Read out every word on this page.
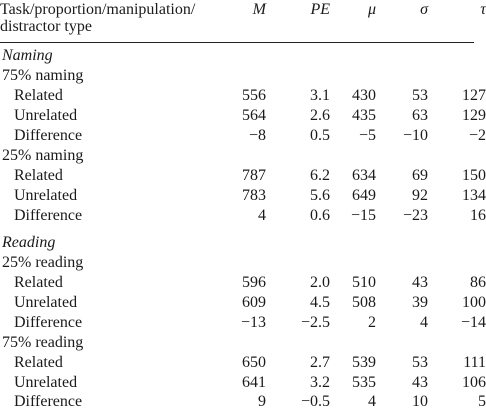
Task/proportion/manipulation/	M	PE μ	σ	τ
distractor type
Naming
75% naming
Related	556	3.1 430 53 127
Unrelated	564	2.6 435 63 129
Difference	−8	0.5 −5 −10	−2
25% naming
Related	787	6.2 634 69 150
Unrelated	783	5.6 649 92 134
Difference	4	0.6 −15 −23	16
Reading
25% reading
Related	596	2.0 510 43	86
Unrelated	609	4.5 508 39 100
Difference	−13 −2.5 2	4 −14
75% reading
Related	650	2.7 539 53 111
Unrelated	641	3.2 535 43 106
Difference	9 −0.5 4 10	5
